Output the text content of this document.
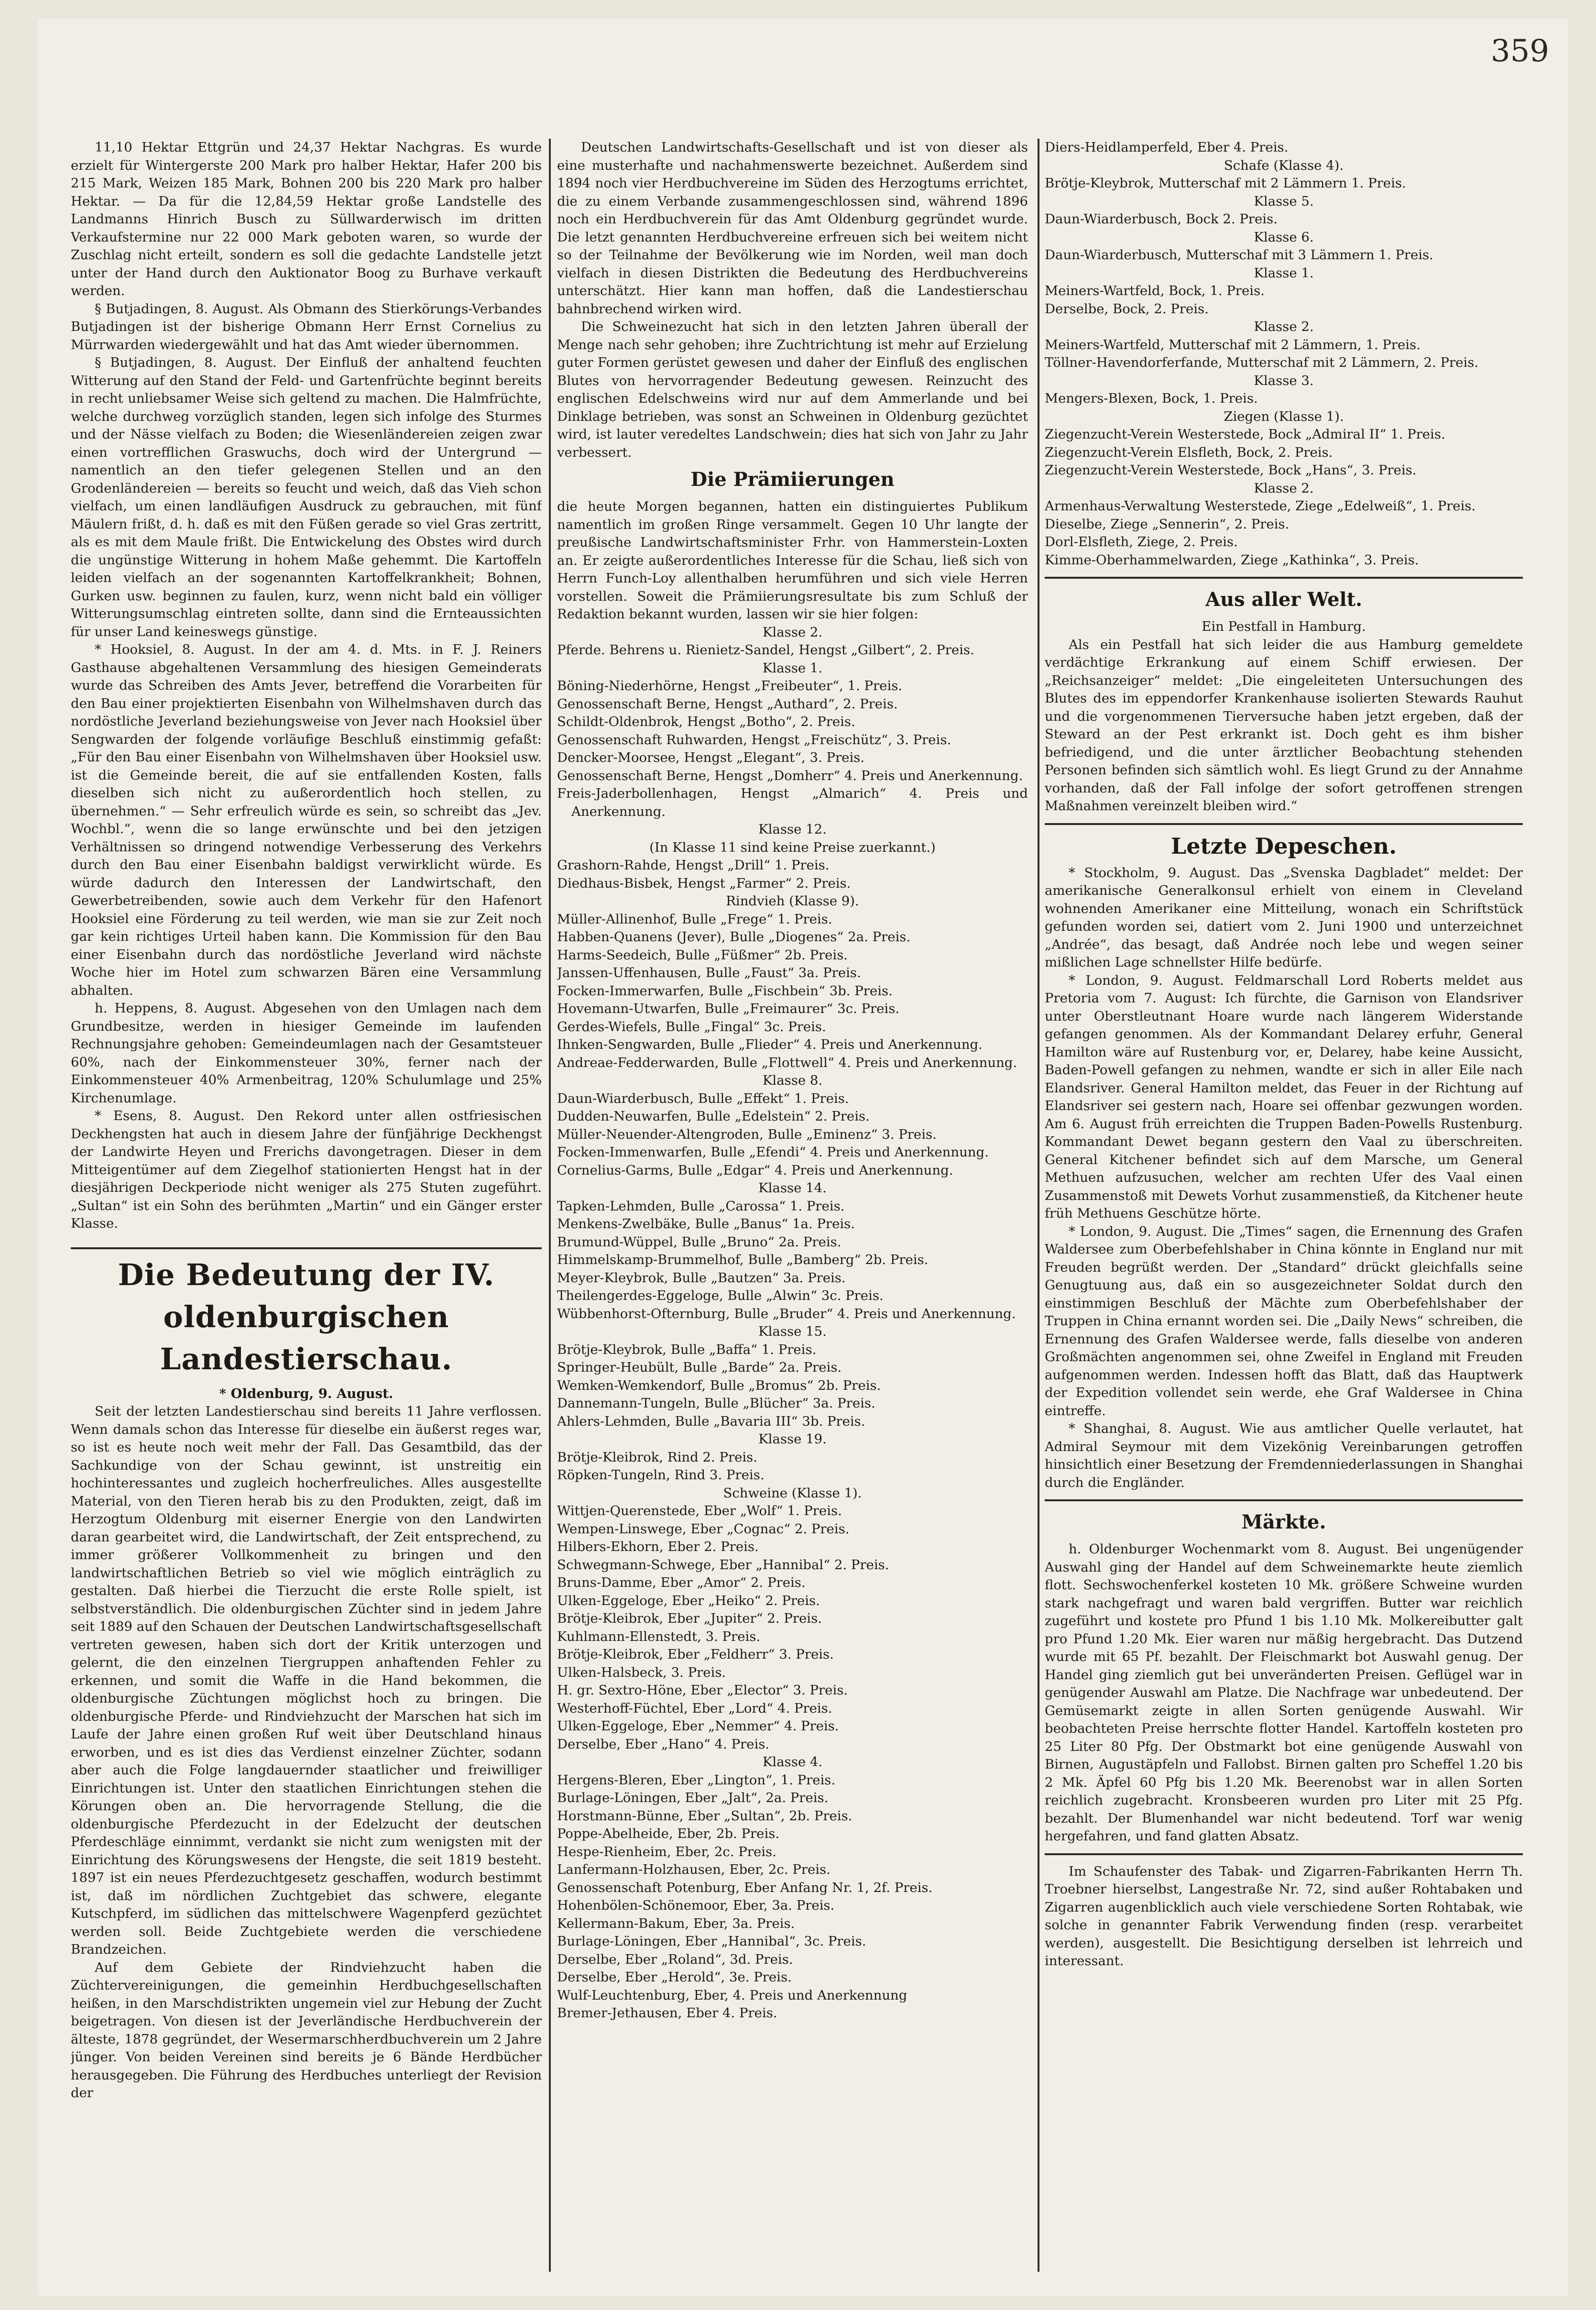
359

11,10 Hektar Ettgrün und 24,37 Hektar Nachgras. Es wurde erzielt für Wintergerste 200 Mark pro halber Hektar, Hafer 200 bis 215 Mark, Weizen 185 Mark, Bohnen 200 bis 220 Mark pro halber Hektar. — Da für die 12,84,59 Hektar große Landstelle des Landmanns Hinrich Busch zu Süllwarderwisch im dritten Verkaufstermine nur 22 000 Mark geboten waren, so wurde der Zuschlag nicht erteilt, sondern es soll die gedachte Landstelle jetzt unter der Hand durch den Auktionator Boog zu Burhave verkauft werden.

§ Butjadingen, 8. August. Als Obmann des Stierkörungs-Verbandes Butjadingen ist der bisherige Obmann Herr Ernst Cornelius zu Mürrwarden wiedergewählt und hat das Amt wieder übernommen.

§ Butjadingen, 8. August. Der Einfluß der anhaltend feuchten Witterung auf den Stand der Feld- und Gartenfrüchte beginnt bereits in recht unliebsamer Weise sich geltend zu machen. Die Halmfrüchte, welche durchweg vorzüglich standen, legen sich infolge des Sturmes und der Nässe vielfach zu Boden; die Wiesenländereien zeigen zwar einen vortrefflichen Graswuchs, doch wird der Untergrund — namentlich an den tiefer gelegenen Stellen und an den Grodenländereien — bereits so feucht und weich, daß das Vieh schon vielfach, um einen landläufigen Ausdruck zu gebrauchen, mit fünf Mäulern frißt, d. h. daß es mit den Füßen gerade so viel Gras zertritt, als es mit dem Maule frißt. Die Entwickelung des Obstes wird durch die ungünstige Witterung in hohem Maße gehemmt. Die Kartoffeln leiden vielfach an der sogenannten Kartoffelkrankheit; Bohnen, Gurken usw. beginnen zu faulen, kurz, wenn nicht bald ein völliger Witterungsumschlag eintreten sollte, dann sind die Ernteaussichten für unser Land keineswegs günstige.

* Hooksiel, 8. August. In der am 4. d. Mts. in F. J. Reiners Gasthause abgehaltenen Versammlung des hiesigen Gemeinderats wurde das Schreiben des Amts Jever, betreffend die Vorarbeiten für den Bau einer projektierten Eisenbahn von Wilhelmshaven durch das nordöstliche Jeverland beziehungsweise von Jever nach Hooksiel über Sengwarden der folgende vorläufige Beschluß einstimmig gefaßt: „Für den Bau einer Eisenbahn von Wilhelmshaven über Hooksiel usw. ist die Gemeinde bereit, die auf sie entfallenden Kosten, falls dieselben sich nicht zu außerordentlich hoch stellen, zu übernehmen.“ — Sehr erfreulich würde es sein, so schreibt das „Jev. Wochbl.“, wenn die so lange erwünschte und bei den jetzigen Verhältnissen so dringend notwendige Verbesserung des Verkehrs durch den Bau einer Eisenbahn baldigst verwirklicht würde. Es würde dadurch den Interessen der Landwirtschaft, den Gewerbetreibenden, sowie auch dem Verkehr für den Hafenort Hooksiel eine Förderung zu teil werden, wie man sie zur Zeit noch gar kein richtiges Urteil haben kann. Die Kommission für den Bau einer Eisenbahn durch das nordöstliche Jeverland wird nächste Woche hier im Hotel zum schwarzen Bären eine Versammlung abhalten.

h. Heppens, 8. August. Abgesehen von den Umlagen nach dem Grundbesitze, werden in hiesiger Gemeinde im laufenden Rechnungsjahre gehoben: Gemeindeumlagen nach der Gesamtsteuer 60%, nach der Einkommensteuer 30%, ferner nach der Einkommensteuer 40% Armenbeitrag, 120% Schulumlage und 25% Kirchenumlage.

* Esens, 8. August. Den Rekord unter allen ostfriesischen Deckhengsten hat auch in diesem Jahre der fünfjährige Deckhengst der Landwirte Heyen und Frerichs davongetragen. Dieser in dem Mitteigentümer auf dem Ziegelhof stationierten Hengst hat in der diesjährigen Deckperiode nicht weniger als 275 Stuten zugeführt. „Sultan“ ist ein Sohn des berühmten „Martin“ und ein Gänger erster Klasse.

Die Bedeutung der IV. oldenburgischen Landestierschau.

* Oldenburg, 9. August.

Seit der letzten Landestierschau sind bereits 11 Jahre verflossen. Wenn damals schon das Interesse für dieselbe ein äußerst reges war, so ist es heute noch weit mehr der Fall. Das Gesamtbild, das der Sachkundige von der Schau gewinnt, ist unstreitig ein hochinteressantes und zugleich hocherfreuliches. Alles ausgestellte Material, von den Tieren herab bis zu den Produkten, zeigt, daß im Herzogtum Oldenburg mit eiserner Energie von den Landwirten daran gearbeitet wird, die Landwirtschaft, der Zeit entsprechend, zu immer größerer Vollkommenheit zu bringen und den landwirtschaftlichen Betrieb so viel wie möglich einträglich zu gestalten. Daß hierbei die Tierzucht die erste Rolle spielt, ist selbstverständlich. Die oldenburgischen Züchter sind in jedem Jahre seit 1889 auf den Schauen der Deutschen Landwirtschaftsgesellschaft vertreten gewesen, haben sich dort der Kritik unterzogen und gelernt, die den einzelnen Tiergruppen anhaftenden Fehler zu erkennen, und somit die Waffe in die Hand bekommen, die oldenburgische Züchtungen möglichst hoch zu bringen. Die oldenburgische Pferde- und Rindviehzucht der Marschen hat sich im Laufe der Jahre einen großen Ruf weit über Deutschland hinaus erworben, und es ist dies das Verdienst einzelner Züchter, sodann aber auch die Folge langdauernder staatlicher und freiwilliger Einrichtungen ist. Unter den staatlichen Einrichtungen stehen die Körungen oben an. Die hervorragende Stellung, die die oldenburgische Pferdezucht in der Edelzucht der deutschen Pferdeschläge einnimmt, verdankt sie nicht zum wenigsten mit der Einrichtung des Körungswesens der Hengste, die seit 1819 besteht. 1897 ist ein neues Pferdezuchtgesetz geschaffen, wodurch bestimmt ist, daß im nördlichen Zuchtgebiet das schwere, elegante Kutschpferd, im südlichen das mittelschwere Wagenpferd gezüchtet werden soll. Beide Zuchtgebiete werden die verschiedene Brandzeichen.

Auf dem Gebiete der Rindviehzucht haben die Züchtervereinigungen, die gemeinhin Herdbuchgesellschaften heißen, in den Marschdistrikten ungemein viel zur Hebung der Zucht beigetragen. Von diesen ist der Jeverländische Herdbuchverein der älteste, 1878 gegründet, der Wesermarschherdbuchverein um 2 Jahre jünger. Von beiden Vereinen sind bereits je 6 Bände Herdbücher herausgegeben. Die Führung des Herdbuches unterliegt der Revision der

Deutschen Landwirtschafts-Gesellschaft und ist von dieser als eine musterhafte und nachahmenswerte bezeichnet. Außerdem sind 1894 noch vier Herdbuchvereine im Süden des Herzogtums errichtet, die zu einem Verbande zusammengeschlossen sind, während 1896 noch ein Herdbuchverein für das Amt Oldenburg gegründet wurde. Die letzt genannten Herdbuchvereine erfreuen sich bei weitem nicht so der Teilnahme der Bevölkerung wie im Norden, weil man doch vielfach in diesen Distrikten die Bedeutung des Herdbuchvereins unterschätzt. Hier kann man hoffen, daß die Landestierschau bahnbrechend wirken wird.

Die Schweinezucht hat sich in den letzten Jahren überall der Menge nach sehr gehoben; ihre Zuchtrichtung ist mehr auf Erzielung guter Formen gerüstet gewesen und daher der Einfluß des englischen Blutes von hervorragender Bedeutung gewesen. Reinzucht des englischen Edelschweins wird nur auf dem Ammerlande und bei Dinklage betrieben, was sonst an Schweinen in Oldenburg gezüchtet wird, ist lauter veredeltes Landschwein; dies hat sich von Jahr zu Jahr verbessert.

Die Prämiierungen

die heute Morgen begannen, hatten ein distinguiertes Publikum namentlich im großen Ringe versammelt. Gegen 10 Uhr langte der preußische Landwirtschaftsminister Frhr. von Hammerstein-Loxten an. Er zeigte außerordentliches Interesse für die Schau, ließ sich von Herrn Funch-Loy allenthalben herumführen und sich viele Herren vorstellen. Soweit die Prämiierungsresultate bis zum Schluß der Redaktion bekannt wurden, lassen wir sie hier folgen:

Klasse 2.
Pferde. Behrens u. Rienietz-Sandel, Hengst „Gilbert“, 2. Preis.
Klasse 1.
Böning-Niederhörne, Hengst „Freibeuter“, 1. Preis.
Genossenschaft Berne, Hengst „Authard“, 2. Preis.
Schildt-Oldenbrok, Hengst „Botho“, 2. Preis.
Genossenschaft Ruhwarden, Hengst „Freischütz“, 3. Preis.
Dencker-Moorsee, Hengst „Elegant“, 3. Preis.
Genossenschaft Berne, Hengst „Domherr“ 4. Preis und Anerkennung.
Freis-Jaderbollenhagen, Hengst „Almarich“ 4. Preis und Anerkennung.
Klasse 12.
(In Klasse 11 sind keine Preise zuerkannt.)
Grashorn-Rahde, Hengst „Drill“ 1. Preis.
Diedhaus-Bisbek, Hengst „Farmer“ 2. Preis.
Rindvieh (Klasse 9).
Müller-Allinenhof, Bulle „Frege“ 1. Preis.
Habben-Quanens (Jever), Bulle „Diogenes“ 2a. Preis.
Harms-Seedeich, Bulle „Füßmer“ 2b. Preis.
Janssen-Uffenhausen, Bulle „Faust“ 3a. Preis.
Focken-Immerwarfen, Bulle „Fischbein“ 3b. Preis.
Hovemann-Utwarfen, Bulle „Freimaurer“ 3c. Preis.
Gerdes-Wiefels, Bulle „Fingal“ 3c. Preis.
Ihnken-Sengwarden, Bulle „Flieder“ 4. Preis und Anerkennung.
Andreae-Fedderwarden, Bulle „Flottwell“ 4. Preis und Anerkennung.
Klasse 8.
Daun-Wiarderbusch, Bulle „Effekt“ 1. Preis.
Dudden-Neuwarfen, Bulle „Edelstein“ 2. Preis.
Müller-Neuender-Altengroden, Bulle „Eminenz“ 3. Preis.
Focken-Immenwarfen, Bulle „Efendi“ 4. Preis und Anerkennung.
Cornelius-Garms, Bulle „Edgar“ 4. Preis und Anerkennung.
Klasse 14.
Tapken-Lehmden, Bulle „Carossa“ 1. Preis.
Menkens-Zwelbäke, Bulle „Banus“ 1a. Preis.
Brumund-Wüppel, Bulle „Bruno“ 2a. Preis.
Himmelskamp-Brummelhof, Bulle „Bamberg“ 2b. Preis.
Meyer-Kleybrok, Bulle „Bautzen“ 3a. Preis.
Theilengerdes-Eggeloge, Bulle „Alwin“ 3c. Preis.
Wübbenhorst-Ofternburg, Bulle „Bruder“ 4. Preis und Anerkennung.
Klasse 15.
Brötje-Kleybrok, Bulle „Baffa“ 1. Preis.
Springer-Heubült, Bulle „Barde“ 2a. Preis.
Wemken-Wemkendorf, Bulle „Bromus“ 2b. Preis.
Dannemann-Tungeln, Bulle „Blücher“ 3a. Preis.
Ahlers-Lehmden, Bulle „Bavaria III“ 3b. Preis.
Klasse 19.
Brötje-Kleibrok, Rind 2. Preis.
Röpken-Tungeln, Rind 3. Preis.
Schweine (Klasse 1).
Wittjen-Querenstede, Eber „Wolf“ 1. Preis.
Wempen-Linswege, Eber „Cognac“ 2. Preis.
Hilbers-Ekhorn, Eber 2. Preis.
Schwegmann-Schwege, Eber „Hannibal“ 2. Preis.
Bruns-Damme, Eber „Amor“ 2. Preis.
Ulken-Eggeloge, Eber „Heiko“ 2. Preis.
Brötje-Kleibrok, Eber „Jupiter“ 2. Preis.
Kuhlmann-Ellenstedt, 3. Preis.
Brötje-Kleibrok, Eber „Feldherr“ 3. Preis.
Ulken-Halsbeck, 3. Preis.
H. gr. Sextro-Höne, Eber „Elector“ 3. Preis.
Westerhoff-Füchtel, Eber „Lord“ 4. Preis.
Ulken-Eggeloge, Eber „Nemmer“ 4. Preis.
Derselbe, Eber „Hano“ 4. Preis.
Klasse 4.
Hergens-Bleren, Eber „Lington“, 1. Preis.
Burlage-Löningen, Eber „Jalt“, 2a. Preis.
Horstmann-Bünne, Eber „Sultan“, 2b. Preis.
Poppe-Abelheide, Eber, 2b. Preis.
Hespe-Rienheim, Eber, 2c. Preis.
Lanfermann-Holzhausen, Eber, 2c. Preis.
Genossenschaft Potenburg, Eber Anfang Nr. 1, 2f. Preis.
Hohenbölen-Schönemoor, Eber, 3a. Preis.
Kellermann-Bakum, Eber, 3a. Preis.
Burlage-Löningen, Eber „Hannibal“, 3c. Preis.
Derselbe, Eber „Roland“, 3d. Preis.
Derselbe, Eber „Herold“, 3e. Preis.
Wulf-Leuchtenburg, Eber, 4. Preis und Anerkennung
Bremer-Jethausen, Eber 4. Preis.
Diers-Heidlamperfeld, Eber 4. Preis.
Schafe (Klasse 4).
Brötje-Kleybrok, Mutterschaf mit 2 Lämmern 1. Preis.
Klasse 5.
Daun-Wiarderbusch, Bock 2. Preis.
Klasse 6.
Daun-Wiarderbusch, Mutterschaf mit 3 Lämmern 1. Preis.
Klasse 1.
Meiners-Wartfeld, Bock, 1. Preis.
Derselbe, Bock, 2. Preis.
Klasse 2.
Meiners-Wartfeld, Mutterschaf mit 2 Lämmern, 1. Preis.
Töllner-Havendorferfande, Mutterschaf mit 2 Lämmern, 2. Preis.
Klasse 3.
Mengers-Blexen, Bock, 1. Preis.
Ziegen (Klasse 1).
Ziegenzucht-Verein Westerstede, Bock „Admiral II“ 1. Preis.
Ziegenzucht-Verein Elsfleth, Bock, 2. Preis.
Ziegenzucht-Verein Westerstede, Bock „Hans“, 3. Preis.
Klasse 2.
Armenhaus-Verwaltung Westerstede, Ziege „Edelweiß“, 1. Preis.
Dieselbe, Ziege „Sennerin“, 2. Preis.
Dorl-Elsfleth, Ziege, 2. Preis.
Kimme-Oberhammelwarden, Ziege „Kathinka“, 3. Preis.
Aus aller Welt.

Ein Pestfall in Hamburg.

Als ein Pestfall hat sich leider die aus Hamburg gemeldete verdächtige Erkrankung auf einem Schiff erwiesen. Der „Reichsanzeiger“ meldet: „Die eingeleiteten Untersuchungen des Blutes des im eppendorfer Krankenhause isolierten Stewards Rauhut und die vorgenommenen Tierversuche haben jetzt ergeben, daß der Steward an der Pest erkrankt ist. Doch geht es ihm bisher befriedigend, und die unter ärztlicher Beobachtung stehenden Personen befinden sich sämtlich wohl. Es liegt Grund zu der Annahme vorhanden, daß der Fall infolge der sofort getroffenen strengen Maßnahmen vereinzelt bleiben wird.“

Letzte Depeschen.

* Stockholm, 9. August. Das „Svenska Dagbladet“ meldet: Der amerikanische Generalkonsul erhielt von einem in Cleveland wohnenden Amerikaner eine Mitteilung, wonach ein Schriftstück gefunden worden sei, datiert vom 2. Juni 1900 und unterzeichnet „Andrée“, das besagt, daß Andrée noch lebe und wegen seiner mißlichen Lage schnellster Hilfe bedürfe.

* London, 9. August. Feldmarschall Lord Roberts meldet aus Pretoria vom 7. August: Ich fürchte, die Garnison von Elandsriver unter Oberstleutnant Hoare wurde nach längerem Widerstande gefangen genommen. Als der Kommandant Delarey erfuhr, General Hamilton wäre auf Rustenburg vor, er, Delarey, habe keine Aussicht, Baden-Powell gefangen zu nehmen, wandte er sich in aller Eile nach Elandsriver. General Hamilton meldet, das Feuer in der Richtung auf Elandsriver sei gestern nach, Hoare sei offenbar gezwungen worden. Am 6. August früh erreichten die Truppen Baden-Powells Rustenburg. Kommandant Dewet begann gestern den Vaal zu überschreiten. General Kitchener befindet sich auf dem Marsche, um General Methuen aufzusuchen, welcher am rechten Ufer des Vaal einen Zusammenstoß mit Dewets Vorhut zusammenstieß, da Kitchener heute früh Methuens Geschütze hörte.

* London, 9. August. Die „Times“ sagen, die Ernennung des Grafen Waldersee zum Oberbefehlshaber in China könnte in England nur mit Freuden begrüßt werden. Der „Standard“ drückt gleichfalls seine Genugtuung aus, daß ein so ausgezeichneter Soldat durch den einstimmigen Beschluß der Mächte zum Oberbefehlshaber der Truppen in China ernannt worden sei. Die „Daily News“ schreiben, die Ernennung des Grafen Waldersee werde, falls dieselbe von anderen Großmächten angenommen sei, ohne Zweifel in England mit Freuden aufgenommen werden. Indessen hofft das Blatt, daß das Hauptwerk der Expedition vollendet sein werde, ehe Graf Waldersee in China eintreffe.

* Shanghai, 8. August. Wie aus amtlicher Quelle verlautet, hat Admiral Seymour mit dem Vizekönig Vereinbarungen getroffen hinsichtlich einer Besetzung der Fremdenniederlassungen in Shanghai durch die Engländer.

Märkte.

h. Oldenburger Wochenmarkt vom 8. August. Bei ungenügender Auswahl ging der Handel auf dem Schweinemarkte heute ziemlich flott. Sechswochenferkel kosteten 10 Mk. größere Schweine wurden stark nachgefragt und waren bald vergriffen. Butter war reichlich zugeführt und kostete pro Pfund 1 bis 1.10 Mk. Molkereibutter galt pro Pfund 1.20 Mk. Eier waren nur mäßig hergebracht. Das Dutzend wurde mit 65 Pf. bezahlt. Der Fleischmarkt bot Auswahl genug. Der Handel ging ziemlich gut bei unveränderten Preisen. Geflügel war in genügender Auswahl am Platze. Die Nachfrage war unbedeutend. Der Gemüsemarkt zeigte in allen Sorten genügende Auswahl. Wir beobachteten Preise herrschte flotter Handel. Kartoffeln kosteten pro 25 Liter 80 Pfg. Der Obstmarkt bot eine genügende Auswahl von Birnen, Augustäpfeln und Fallobst. Birnen galten pro Scheffel 1.20 bis 2 Mk. Äpfel 60 Pfg bis 1.20 Mk. Beerenobst war in allen Sorten reichlich zugebracht. Kronsbeeren wurden pro Liter mit 25 Pfg. bezahlt. Der Blumenhandel war nicht bedeutend. Torf war wenig hergefahren, und fand glatten Absatz.

Im Schaufenster des Tabak- und Zigarren-Fabrikanten Herrn Th. Troebner hierselbst, Langestraße Nr. 72, sind außer Rohtabaken und Zigarren augenblicklich auch viele verschiedene Sorten Rohtabak, wie solche in genannter Fabrik Verwendung finden (resp. verarbeitet werden), ausgestellt. Die Besichtigung derselben ist lehrreich und interessant.
